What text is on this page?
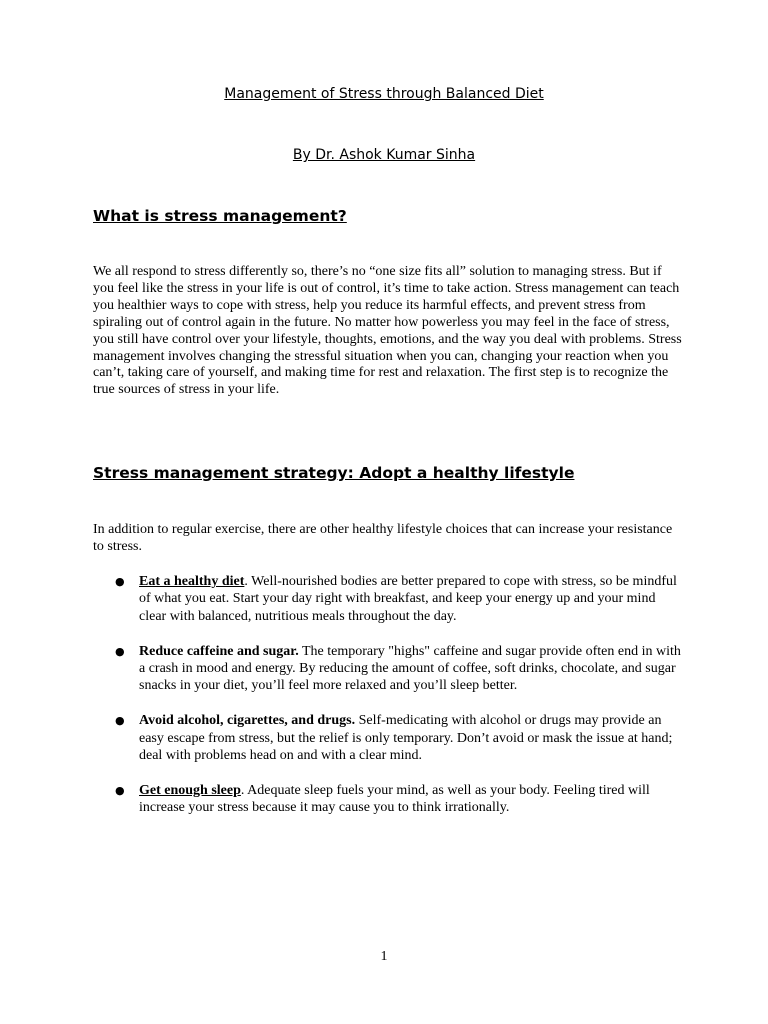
Management of Stress through Balanced Diet
By Dr. Ashok Kumar Sinha
What is stress management?

We all respond to stress differently so, there’s no “one size fits all” solution to managing stress. But if you feel like the stress in your life is out of control, it’s time to take action. Stress management can teach you healthier ways to cope with stress, help you reduce its harmful effects, and prevent stress from spiraling out of control again in the future. No matter how powerless you may feel in the face of stress, you still have control over your lifestyle, thoughts, emotions, and the way you deal with problems. Stress management involves changing the stressful situation when you can, changing your reaction when you can’t, taking care of yourself, and making time for rest and relaxation. The first step is to recognize the true sources of stress in your life.

Stress management strategy: Adopt a healthy lifestyle

In addition to regular exercise, there are other healthy lifestyle choices that can increase your resistance to stress.

● Eat a healthy diet. Well-nourished bodies are better prepared to cope with stress, so be mindful of what you eat. Start your day right with breakfast, and keep your energy up and your mind clear with balanced, nutritious meals throughout the day.
● Reduce caffeine and sugar. The temporary "highs" caffeine and sugar provide often end in with a crash in mood and energy. By reducing the amount of coffee, soft drinks, chocolate, and sugar snacks in your diet, you’ll feel more relaxed and you’ll sleep better.
● Avoid alcohol, cigarettes, and drugs. Self-medicating with alcohol or drugs may provide an easy escape from stress, but the relief is only temporary. Don’t avoid or mask the issue at hand; deal with problems head on and with a clear mind.
● Get enough sleep. Adequate sleep fuels your mind, as well as your body. Feeling tired will increase your stress because it may cause you to think irrationally.
1
